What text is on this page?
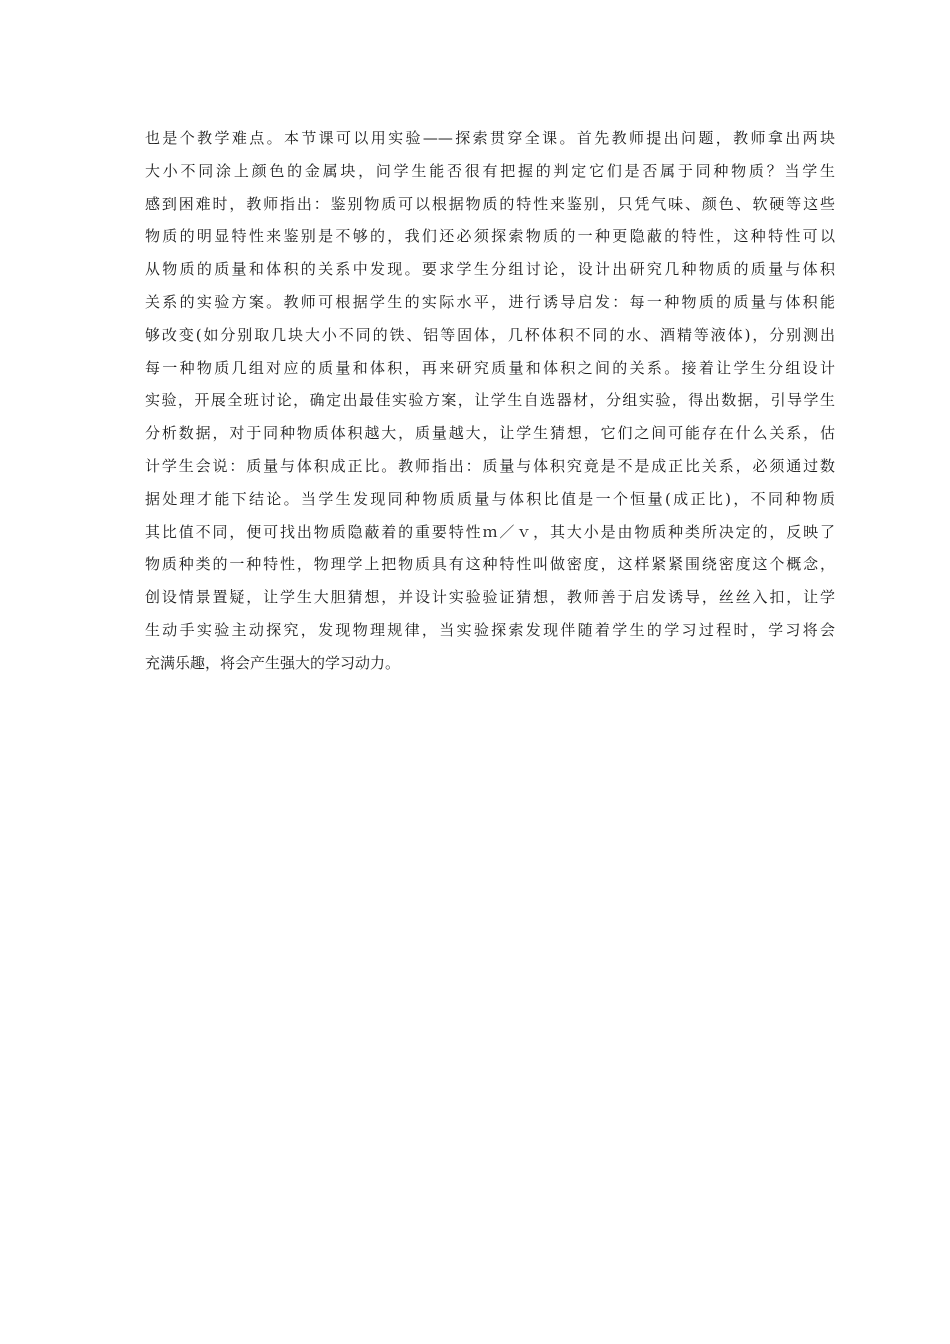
也是个教学难点。本节课可以用实验——探索贯穿全课。首先教师提出问题，教师拿出两块
大小不同涂上颜色的金属块，问学生能否很有把握的判定它们是否属于同种物质？当学生
感到困难时，教师指出：鉴别物质可以根据物质的特性来鉴别，只凭气味、颜色、软硬等这些
物质的明显特性来鉴别是不够的，我们还必须探索物质的一种更隐蔽的特性，这种特性可以
从物质的质量和体积的关系中发现。要求学生分组讨论，设计出研究几种物质的质量与体积
关系的实验方案。教师可根据学生的实际水平，进行诱导启发：每一种物质的质量与体积能
够改变(如分别取几块大小不同的铁、铝等固体，几杯体积不同的水、酒精等液体)，分别测出
每一种物质几组对应的质量和体积，再来研究质量和体积之间的关系。接着让学生分组设计
实验，开展全班讨论，确定出最佳实验方案，让学生自选器材，分组实验，得出数据，引导学生
分析数据，对于同种物质体积越大，质量越大，让学生猜想，它们之间可能存在什么关系，估
计学生会说：质量与体积成正比。教师指出：质量与体积究竟是不是成正比关系，必须通过数
据处理才能下结论。当学生发现同种物质质量与体积比值是一个恒量(成正比)，不同种物质
其比值不同，便可找出物质隐蔽着的重要特性ｍ／ｖ，其大小是由物质种类所决定的，反映了
物质种类的一种特性，物理学上把物质具有这种特性叫做密度，这样紧紧围绕密度这个概念，
创设情景置疑，让学生大胆猜想，并设计实验验证猜想，教师善于启发诱导，丝丝入扣，让学
生动手实验主动探究，发现物理规律，当实验探索发现伴随着学生的学习过程时，学习将会
充满乐趣，将会产生强大的学习动力。
